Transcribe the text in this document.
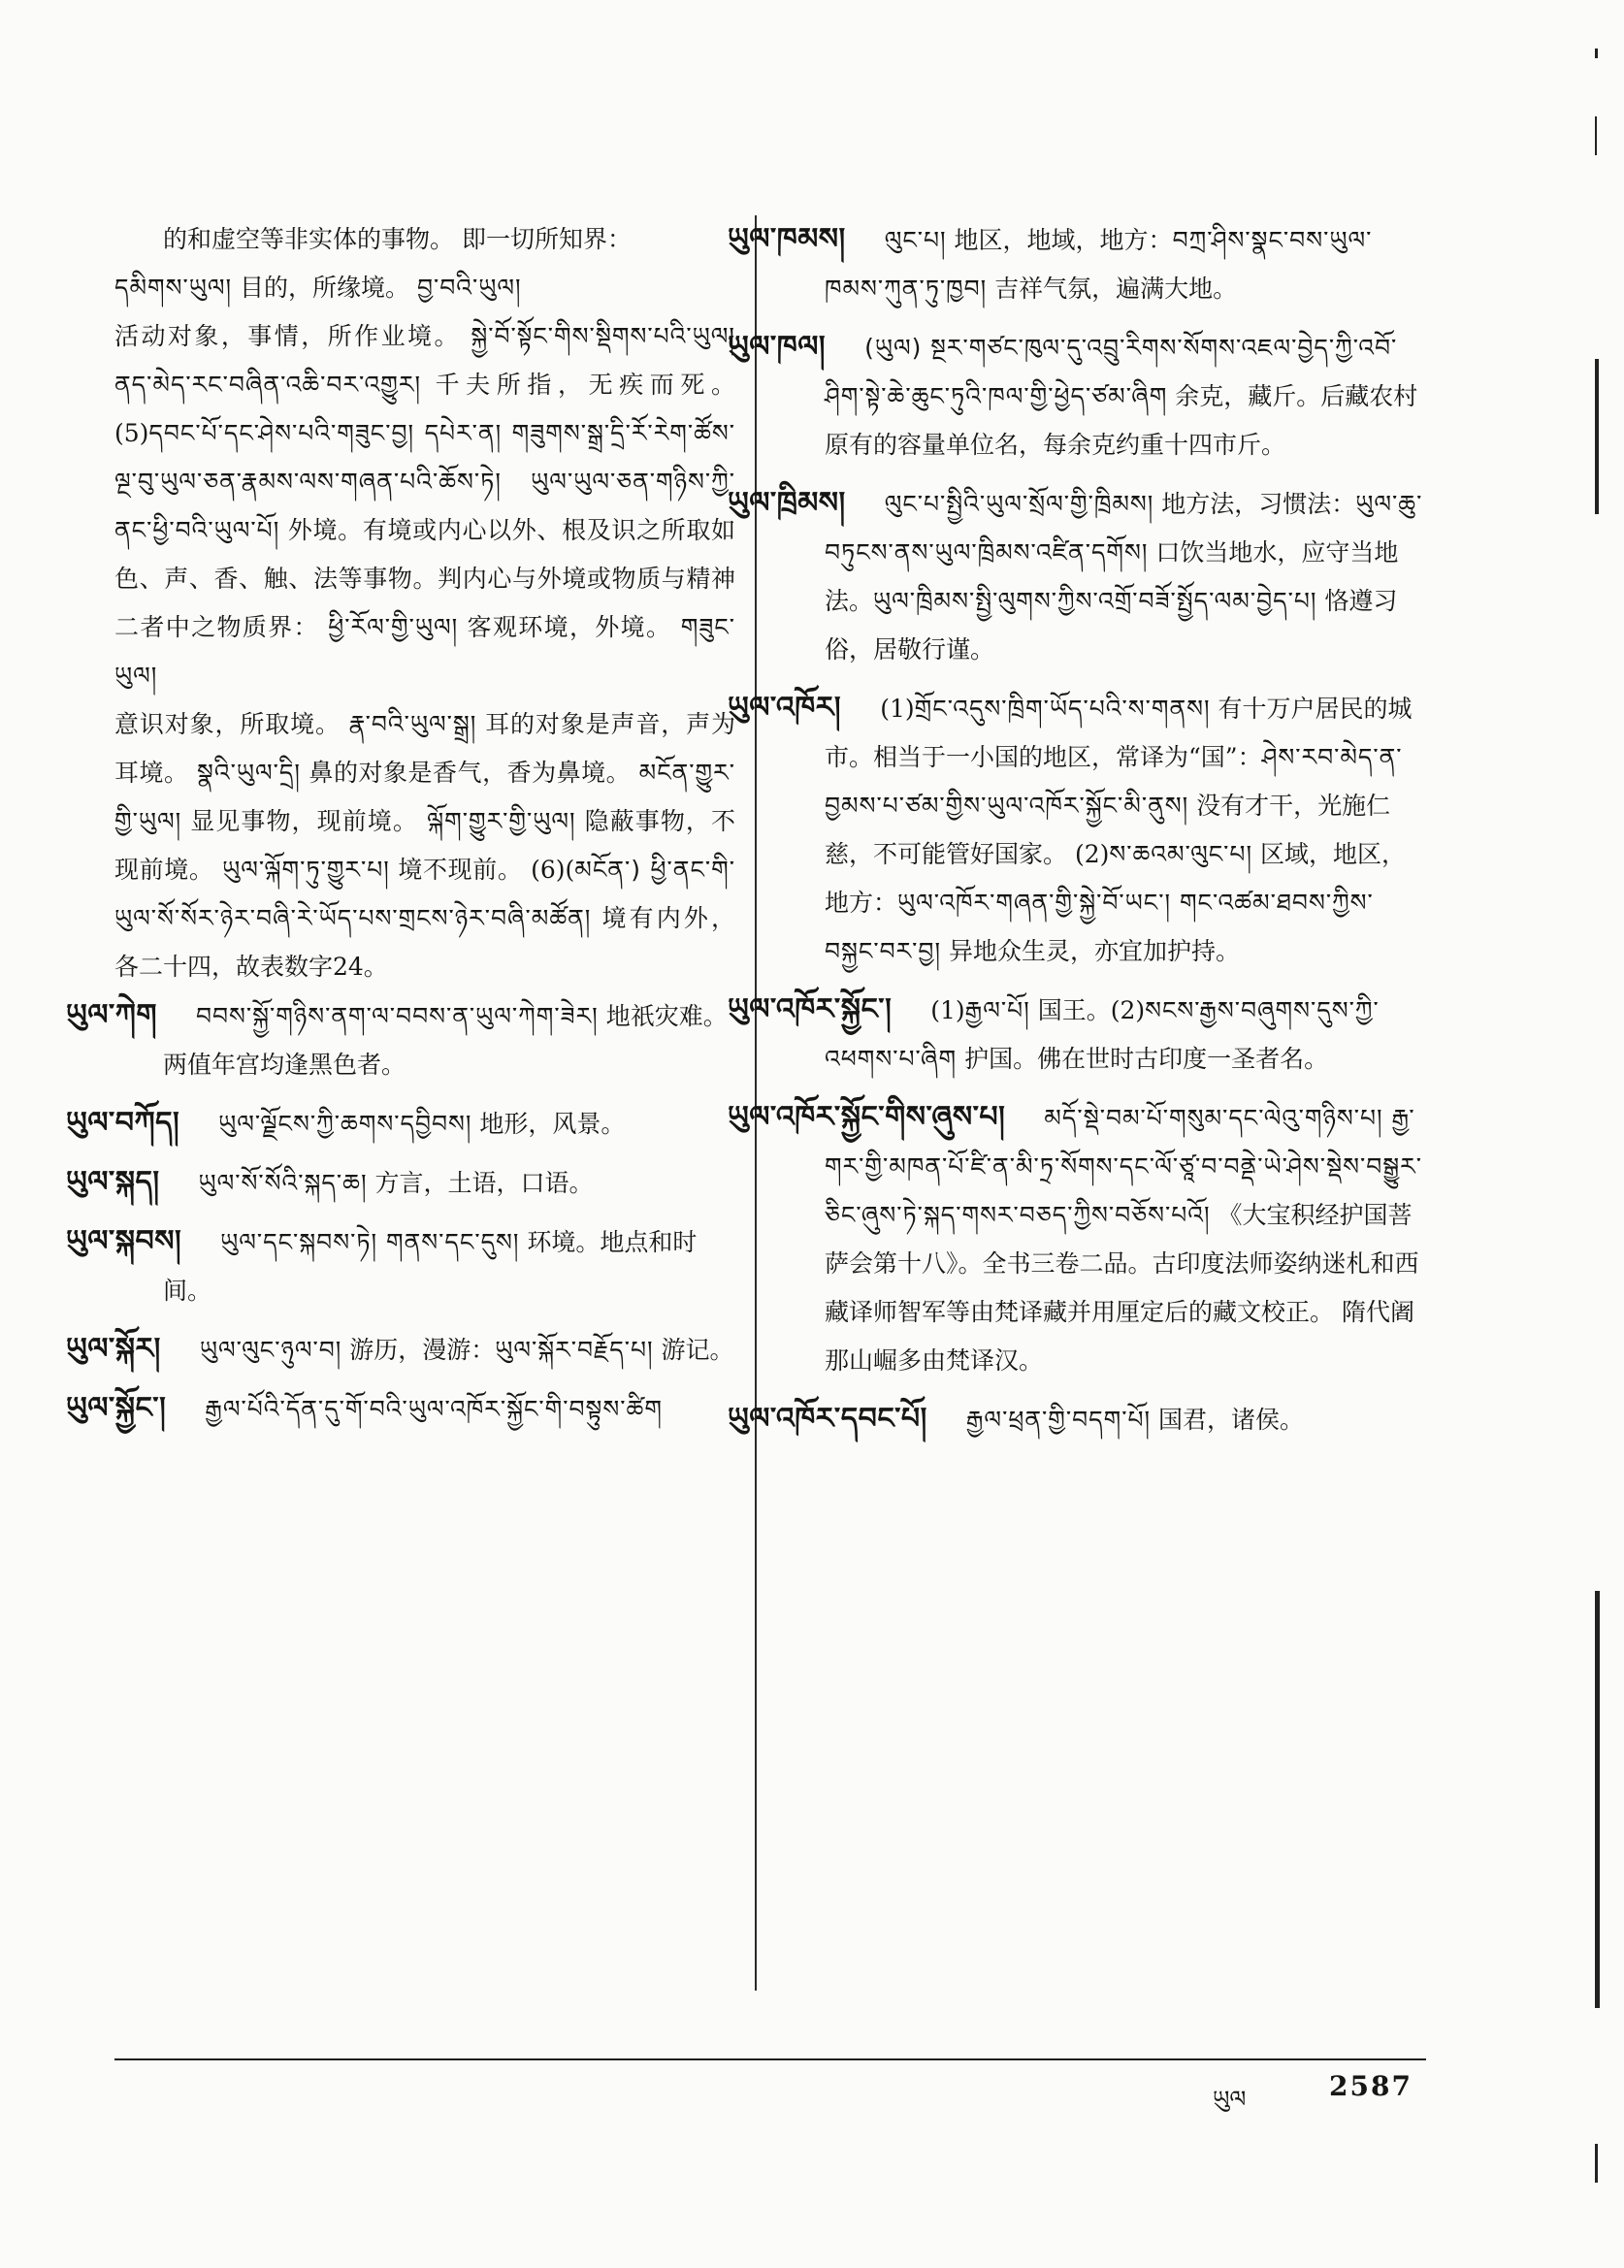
的和虚空等非实体的事物。 即一切所知界：
དམིགས་ཡུལ། 目的，所缘境。 བྱ་བའི་ཡུལ།
活动对象，事情，所作业境。 སྐྱེ་བོ་སྟོང་གིས་སྡིགས་པའི་ཡུལ། ནད་མེད་རང་བཞིན་འཆི་བར་འགྱུར། 千夫所指，无疾而死。 (5)དབང་པོ་དང་ཤེས་པའི་གཟུང་བྱ། དཔེར་ན། གཟུགས་སྒྲ་དྲི་རོ་རེག་ཚོས་ལྔ་བུ་ཡུལ་ཅན་རྣམས་ལས་གཞན་པའི་ཆོས་ཏེ། ཡུལ་ཡུལ་ཅན་གཉིས་ཀྱི་ནང་ཕྱི་བའི་ཡུལ་པོ། 外境。有境或内心以外、根及识之所取如色、声、香、触、法等事物。判内心与外境或物质与精神二者中之物质界： ཕྱི་རོལ་གྱི་ཡུལ། 客观环境，外境。 གཟུང་ཡུལ།
意识对象，所取境。 རྣ་བའི་ཡུལ་སྒྲ། 耳的对象是声音，声为耳境。 སྣའི་ཡུལ་དྲི། 鼻的对象是香气，香为鼻境。 མངོན་གྱུར་གྱི་ཡུལ། 显见事物，现前境。 ལྐོག་གྱུར་གྱི་ཡུལ། 隐蔽事物，不现前境。 ཡུལ་ལྐོག་ཏུ་གྱུར་པ། 境不现前。 (6)(མངོན་) ཕྱི་ནང་གི་ཡུལ་སོ་སོར་ཉེར་བཞི་རེ་ཡོད་པས་གྲངས་ཉེར་བཞི་མཚོན། 境有内外，各二十四，故表数字24。

ཡུལ་ཀེག བབས་སྐྱོ་གཉིས་ནག་ལ་བབས་ན་ཡུལ་ཀེག་ཟེར། 地祇灾难。两值年宫均逢黑色者。

ཡུལ་བཀོད། ཡུལ་ལྗོངས་ཀྱི་ཆགས་དབྱིབས། 地形，风景。

ཡུལ་སྐད། ཡུལ་སོ་སོའི་སྐད་ཆ། 方言，土语，口语。

ཡུལ་སྐབས། ཡུལ་དང་སྐབས་ཏེ། གནས་དང་དུས། 环境。地点和时间。

ཡུལ་སྐོར། ཡུལ་ལུང་ཉུལ་བ། 游历，漫游：ཡུལ་སྐོར་བརྗོད་པ། 游记。

ཡུལ་སྐྱོང་། རྒྱལ་པོའི་དོན་དུ་གོ་བའི་ཡུལ་འཁོར་སྐྱོང་གི་བསྟུས་ཚིག

ཡུལ་ཁམས། ལུང་པ། 地区，地域，地方：བཀྲ་ཤིས་སྣང་བས་ཡུལ་ཁམས་ཀུན་ཏུ་ཁྱབ། 吉祥气氛，遍满大地。

ཡུལ་ཁལ། (ཡུལ) སྔར་གཙང་ཁུལ་དུ་འབྲུ་རིགས་སོགས་འཇལ་བྱེད་ཀྱི་འབོ་ཤིག་སྟེ་ཆེ་ཆུང་ཏུའི་ཁལ་གྱི་ཕྱེད་ཙམ་ཞིག 余克，藏斤。后藏农村原有的容量单位名，每余克约重十四市斤。

ཡུལ་ཁྲིམས། ལུང་པ་སྤྱིའི་ཡུལ་སྲོལ་གྱི་ཁྲིམས། 地方法，习惯法：ཡུལ་ཆུ་བཏུངས་ནས་ཡུལ་ཁྲིམས་འཛིན་དགོས། 口饮当地水，应守当地法。ཡུལ་ཁྲིམས་སྤྱི་ལུགས་ཀྱིས་འགྲོ་བཟོ་སྤྱོད་ལམ་བྱེད་པ། 恪遵习俗，居敬行谨。

ཡུལ་འཁོར། (1)གྲོང་འདུས་ཁྲིག་ཡོད་པའི་ས་གནས། 有十万户居民的城市。相当于一小国的地区，常译为“国”：ཤེས་རབ་མེད་ན་བྱམས་པ་ཙམ་གྱིས་ཡུལ་འཁོར་སྐྱོང་མི་ནུས། 没有才干，光施仁慈，不可能管好国家。 (2)ས་ཆའམ་ལུང་པ། 区域，地区，地方：ཡུལ་འཁོར་གཞན་གྱི་སྐྱེ་བོ་ཡང་། གང་འཚམ་ཐབས་ཀྱིས་བསྐྱང་བར་བྱ། 异地众生灵，亦宜加护持。

ཡུལ་འཁོར་སྐྱོང་། (1)རྒྱལ་པོ། 国王。(2)སངས་རྒྱས་བཞུགས་དུས་ཀྱི་འཕགས་པ་ཞིག 护国。佛在世时古印度一圣者名。

ཡུལ་འཁོར་སྐྱོང་གིས་ཞུས་པ། མདོ་སྡེ་བམ་པོ་གསུམ་དང་ལེའུ་གཉིས་པ། རྒྱ་གར་གྱི་མཁན་པོ་ཛི་ན་མི་ཏྲ་སོགས་དང་ལོ་ཙཱ་བ་བནྡེ་ཡེ་ཤེས་སྡེས་བསྒྱུར་ཅིང་ཞུས་ཏེ་སྐད་གསར་བཅད་ཀྱིས་བཅོས་པའོ། 《大宝积经护国菩萨会第十八》。全书三卷二品。古印度法师姿纳迷札和西藏译师智军等由梵译藏并用厘定后的藏文校正。 隋代阇那山崛多由梵译汉。

ཡུལ་འཁོར་དབང་པོ། རྒྱལ་ཕྲན་གྱི་བདག་པོ། 国君，诸侯。

ཡུལ	2587
